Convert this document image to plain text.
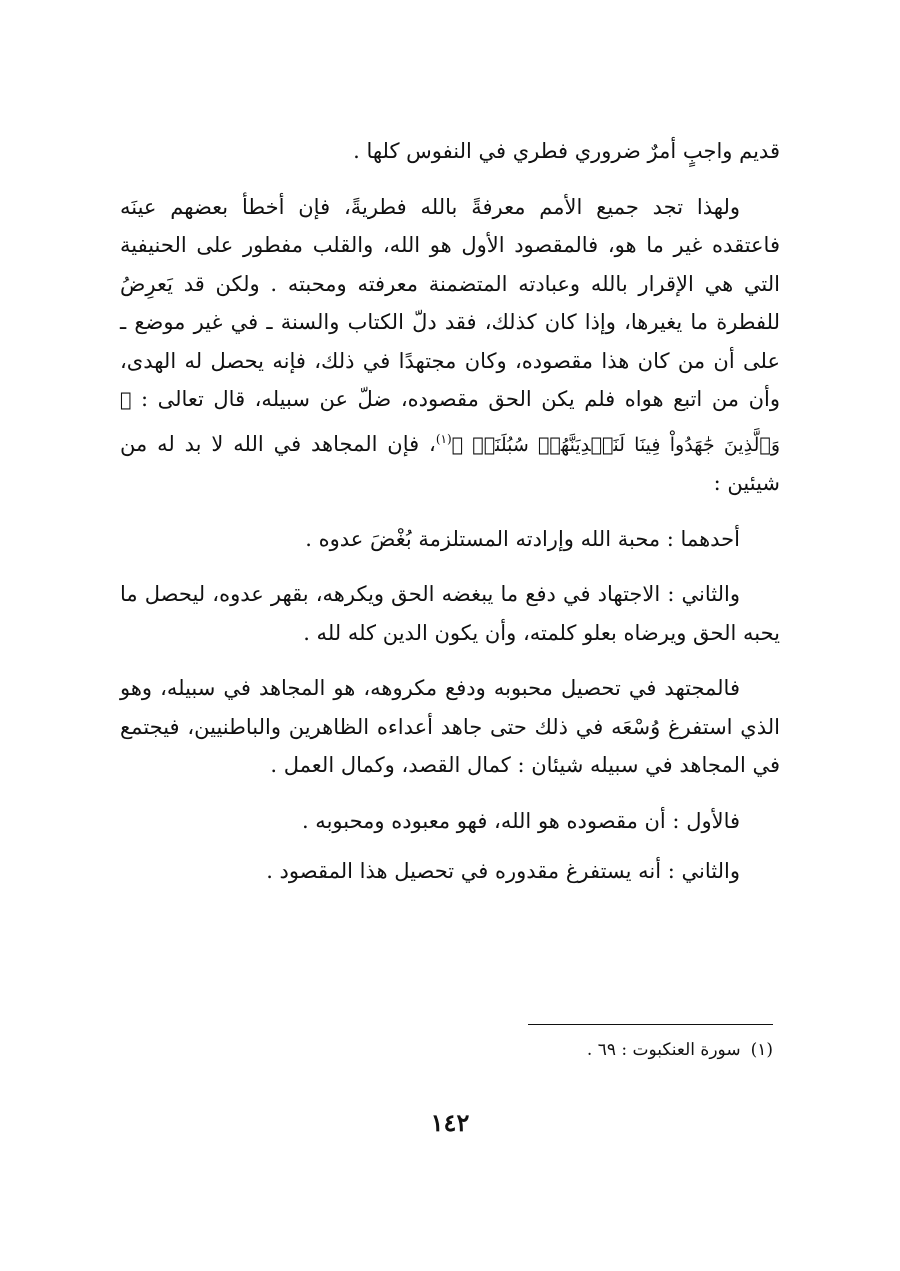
قديم واجبٍ أمرٌ ضروري فطري في النفوس كلها .

ولهذا تجد جميع الأمم معرفةً بالله فطريةً، فإن أخطأ بعضهم عينَه فاعتقده غير ما هو، فالمقصود الأول هو الله، والقلب مفطور على الحنيفية التي هي الإقرار بالله وعبادته المتضمنة معرفته ومحبته . ولكن قد يَعرِضُ للفطرة ما يغيرها، وإذا كان كذلك، فقد دلّ الكتاب والسنة ـ في غير موضع ـ على أن من كان هذا مقصوده، وكان مجتهدًا في ذلك، فإنه يحصل له الهدى، وأن من اتبع هواه فلم يكن الحق مقصوده، ضلّ عن سبيله، قال تعالى : ﴿ وَٱلَّذِينَ جَٰهَدُواْ فِينَا لَنَهۡدِيَنَّهُمۡ سُبُلَنَاۚ ﴾$^{(١)}$، فإن المجاهد في الله لا بد له من شيئين :

أحدهما : محبة الله وإرادته المستلزمة بُغْضَ عدوه .

والثاني : الاجتهاد في دفع ما يبغضه الحق ويكرهه، بقهر عدوه، ليحصل ما يحبه الحق ويرضاه بعلو كلمته، وأن يكون الدين كله لله .

فالمجتهد في تحصيل محبوبه ودفع مكروهه، هو المجاهد في سبيله، وهو الذي استفرغ وُسْعَه في ذلك حتى جاهد أعداءه الظاهرين والباطنيين، فيجتمع في المجاهد في سبيله شيئان : كمال القصد، وكمال العمل .

فالأول : أن مقصوده هو الله، فهو معبوده ومحبوبه .

والثاني : أنه يستفرغ مقدوره في تحصيل هذا المقصود .

(١)سورة العنكبوت : ٦٩ .
١٤٢
